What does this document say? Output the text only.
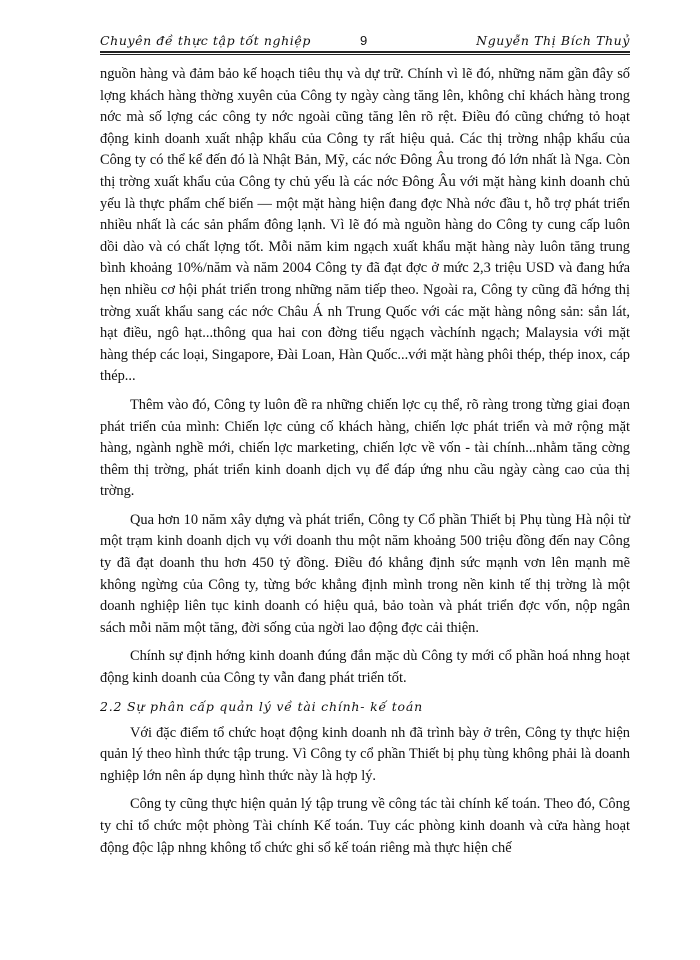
Chuyên đề thực tập tốt nghiệp	9	Nguyễn Thị Bích Thuỷ

nguồn hàng và đảm bảo kế hoạch tiêu thụ và dự trữ. Chính vì lẽ đó, những năm gần đây số lợng khách hàng thờng xuyên của Công ty ngày càng tăng lên, không chỉ khách hàng trong nớc mà số lợng các công ty nớc ngoài cũng tăng lên rõ rệt. Điều đó cũng chứng tỏ hoạt động kinh doanh xuất nhập khẩu của Công ty rất hiệu quả. Các thị trờng nhập khẩu của Công ty có thể kể đến đó là Nhật Bản, Mỹ, các nớc Đông Âu trong đó lớn nhất là Nga. Còn thị trờng xuất khẩu của Công ty chủ yếu là các nớc Đông Âu với mặt hàng kinh doanh chủ yếu là thực phẩm chế biến — một mặt hàng hiện đang đợc Nhà nớc đầu t, hỗ trợ phát triển nhiều nhất là các sản phẩm đông lạnh. Vì lẽ đó mà nguồn hàng do Công ty cung cấp luôn dồi dào và có chất lợng tốt. Mỗi năm kim ngạch xuất khẩu mặt hàng này luôn tăng trung bình khoảng 10%/năm và năm 2004 Công ty đã đạt đợc ở mức 2,3 triệu USD và đang hứa hẹn nhiều cơ hội phát triển trong những năm tiếp theo. Ngoài ra, Công ty cũng đã hớng thị trờng xuất khẩu sang các nớc Châu Á nh Trung Quốc với các mặt hàng nông sản: sắn lát, hạt điều, ngô hạt...thông qua hai con đờng tiểu ngạch vàchính ngạch; Malaysia với mặt hàng thép các loại, Singapore, Đài Loan, Hàn Quốc...với mặt hàng phôi thép, thép inox, cáp thép...

Thêm vào đó, Công ty luôn đề ra những chiến lợc cụ thể, rõ ràng trong từng giai đoạn phát triển của mình: Chiến lợc củng cố khách hàng, chiến lợc phát triển và mở rộng mặt hàng, ngành nghề mới, chiến lợc marketing, chiến lợc về vốn - tài chính...nhằm tăng cờng thêm thị trờng, phát triển kinh doanh dịch vụ để đáp ứng nhu cầu ngày càng cao của thị trờng.

Qua hơn 10 năm xây dựng và phát triển, Công ty Cổ phần Thiết bị Phụ tùng Hà nội từ một trạm kinh doanh dịch vụ với doanh thu một năm khoảng 500 triệu đồng đến nay Công ty đã đạt doanh thu hơn 450 tỷ đồng. Điều đó khẳng định sức mạnh vơn lên mạnh mẽ không ngừng của Công ty, từng bớc khẳng định mình trong nền kinh tế thị trờng là một doanh nghiệp liên tục kinh doanh có hiệu quả, bảo toàn và phát triển đợc vốn, nộp ngân sách mỗi năm một tăng, đời sống của ngời lao động đợc cải thiện.

Chính sự định hớng kinh doanh đúng đắn mặc dù Công ty mới cổ phần hoá nhng hoạt động kinh doanh của Công ty vẫn đang phát triển tốt.

2.2 Sự phân cấp quản lý về tài chính- kế toán

Với đặc điểm tổ chức hoạt động kinh doanh nh đã trình bày ở trên, Công ty thực hiện quản lý theo hình thức tập trung. Vì Công ty cổ phần Thiết bị phụ tùng không phải là doanh nghiệp lớn nên áp dụng hình thức này là hợp lý.

Công ty cũng thực hiện quản lý tập trung về công tác tài chính kế toán. Theo đó, Công ty chỉ tổ chức một phòng Tài chính Kế toán. Tuy các phòng kinh doanh và cửa hàng hoạt động độc lập nhng không tổ chức ghi sổ kế toán riêng mà thực hiện chế
